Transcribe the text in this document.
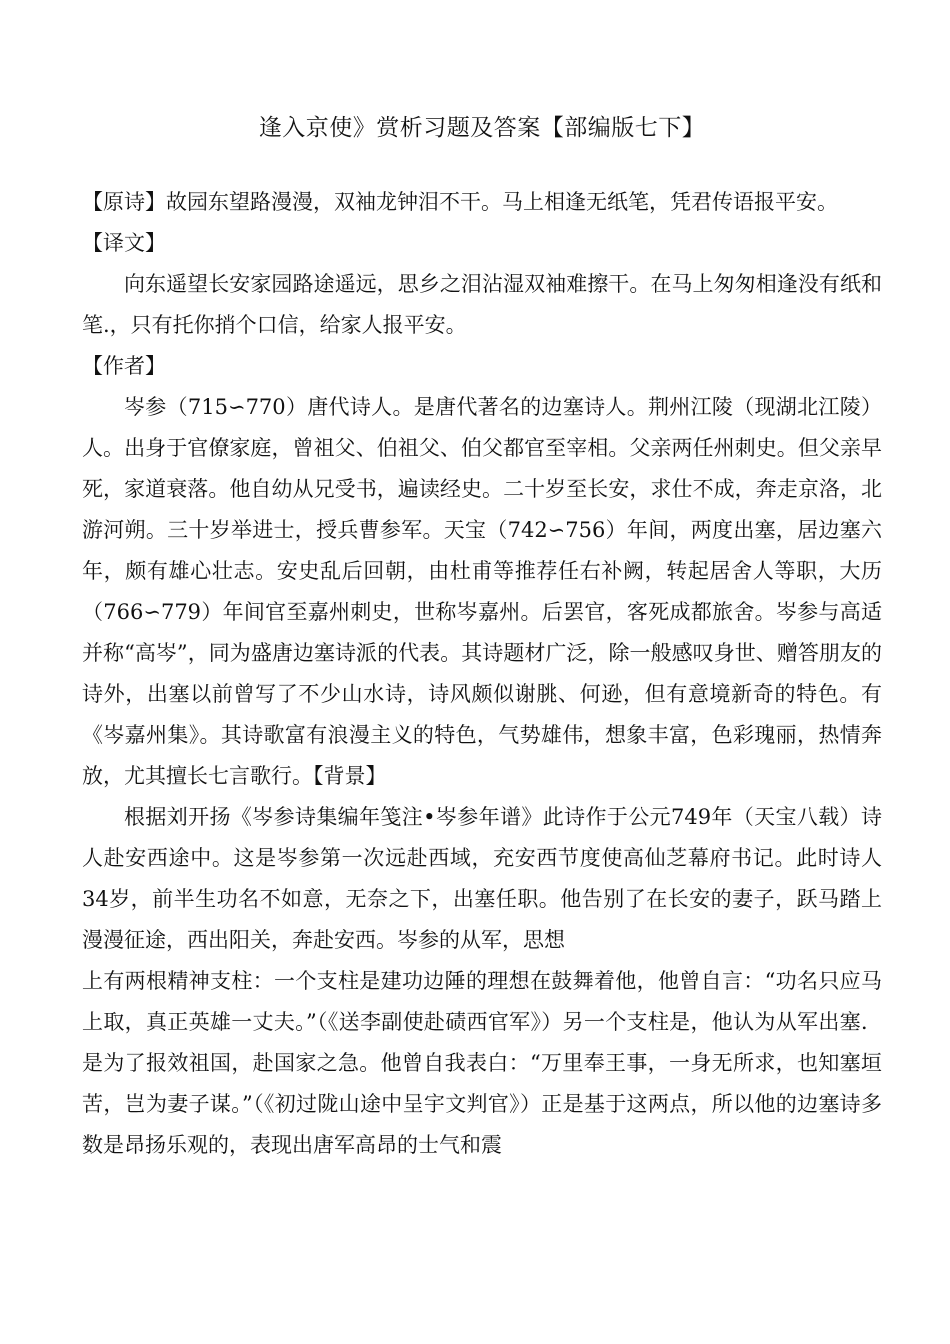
逢入京使》赏析习题及答案【部编版七下】

【原诗】故园东望路漫漫，双袖龙钟泪不干。马上相逢无纸笔，凭君传语报平安。

【译文】

向东遥望长安家园路途遥远，思乡之泪沾湿双袖难擦干。在马上匆匆相逢没有纸和笔.，只有托你捎个口信，给家人报平安。

【作者】

岑参（715∽770）唐代诗人。是唐代著名的边塞诗人。荆州江陵（现湖北江陵）人。出身于官僚家庭，曾祖父、伯祖父、伯父都官至宰相。父亲两任州刺史。但父亲早死，家道衰落。他自幼从兄受书，遍读经史。二十岁至长安，求仕不成，奔走京洛，北游河朔。三十岁举进士，授兵曹参军。天宝（742∽756）年间，两度出塞，居边塞六年，颇有雄心壮志。安史乱后回朝，由杜甫等推荐任右补阙，转起居舍人等职，大历（766∽779）年间官至嘉州刺史，世称岑嘉州。后罢官，客死成都旅舍。岑参与高适并称“高岑”，同为盛唐边塞诗派的代表。其诗题材广泛，除一般感叹身世、赠答朋友的诗外，出塞以前曾写了不少山水诗，诗风颇似谢朓、何逊，但有意境新奇的特色。有《岑嘉州集》。其诗歌富有浪漫主义的特色，气势雄伟，想象丰富，色彩瑰丽，热情奔放，尤其擅长七言歌行。【背景】

根据刘开扬《岑参诗集编年笺注•岑参年谱》此诗作于公元749年（天宝八载）诗人赴安西途中。这是岑参第一次远赴西域，充安西节度使高仙芝幕府书记。此时诗人34岁，前半生功名不如意，无奈之下，出塞任职。他告别了在长安的妻子，跃马踏上漫漫征途，西出阳关，奔赴安西。岑参的从军，思想

上有两根精神支柱：一个支柱是建功边陲的理想在鼓舞着他，他曾自言：“功名只应马上取，真正英雄一丈夫。”（《送李副使赴碛西官军》）另一个支柱是，他认为从军出塞．是为了报效祖国，赴国家之急。他曾自我表白：“万里奉王事，一身无所求，也知塞垣苦，岂为妻子谋。”（《初过陇山途中呈宇文判官》）正是基于这两点，所以他的边塞诗多数是昂扬乐观的，表现出唐军高昂的士气和震
